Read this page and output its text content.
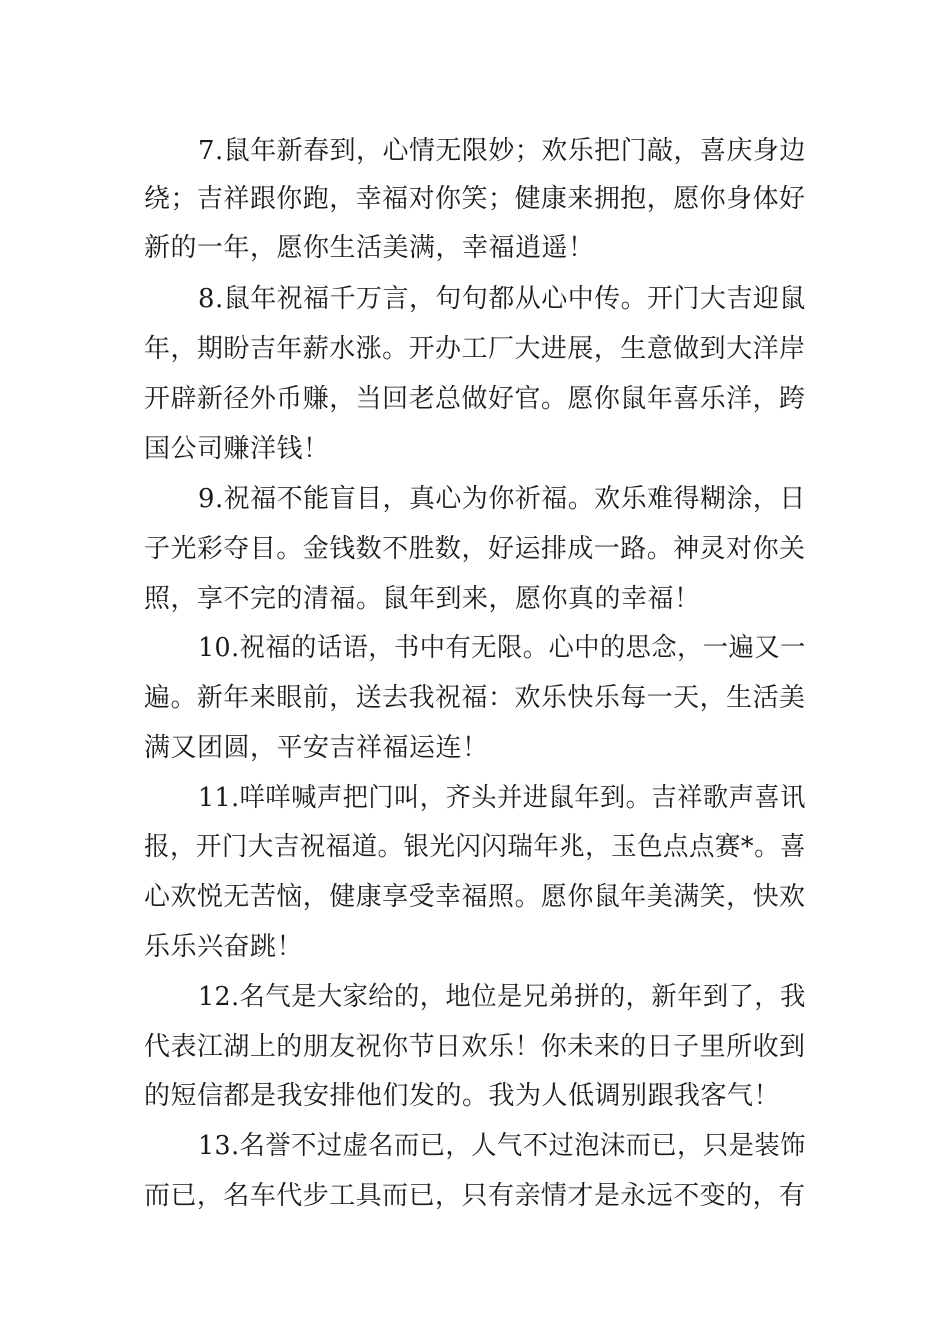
7.鼠年新春到，心情无限妙；欢乐把门敲，喜庆身边
绕；吉祥跟你跑，幸福对你笑；健康来拥抱，愿你身体好
新的一年，愿你生活美满，幸福逍遥！
8.鼠年祝福千万言，句句都从心中传。开门大吉迎鼠
年，期盼吉年薪水涨。开办工厂大进展，生意做到大洋岸
开辟新径外币赚，当回老总做好官。愿你鼠年喜乐洋，跨
国公司赚洋钱！
9.祝福不能盲目，真心为你祈福。欢乐难得糊涂，日
子光彩夺目。金钱数不胜数，好运排成一路。神灵对你关
照，享不完的清福。鼠年到来，愿你真的幸福！
10.祝福的话语，书中有无限。心中的思念，一遍又一
遍。新年来眼前，送去我祝福：欢乐快乐每一天，生活美
满又团圆，平安吉祥福运连！
11.咩咩喊声把门叫，齐头并进鼠年到。吉祥歌声喜讯
报，开门大吉祝福道。银光闪闪瑞年兆，玉色点点赛*。喜
心欢悦无苦恼，健康享受幸福照。愿你鼠年美满笑，快欢
乐乐兴奋跳！
12.名气是大家给的，地位是兄弟拼的，新年到了，我
代表江湖上的朋友祝你节日欢乐！你未来的日子里所收到
的短信都是我安排他们发的。我为人低调别跟我客气！
13.名誉不过虚名而已，人气不过泡沫而已，只是装饰
而已，名车代步工具而已，只有亲情才是永远不变的，有
